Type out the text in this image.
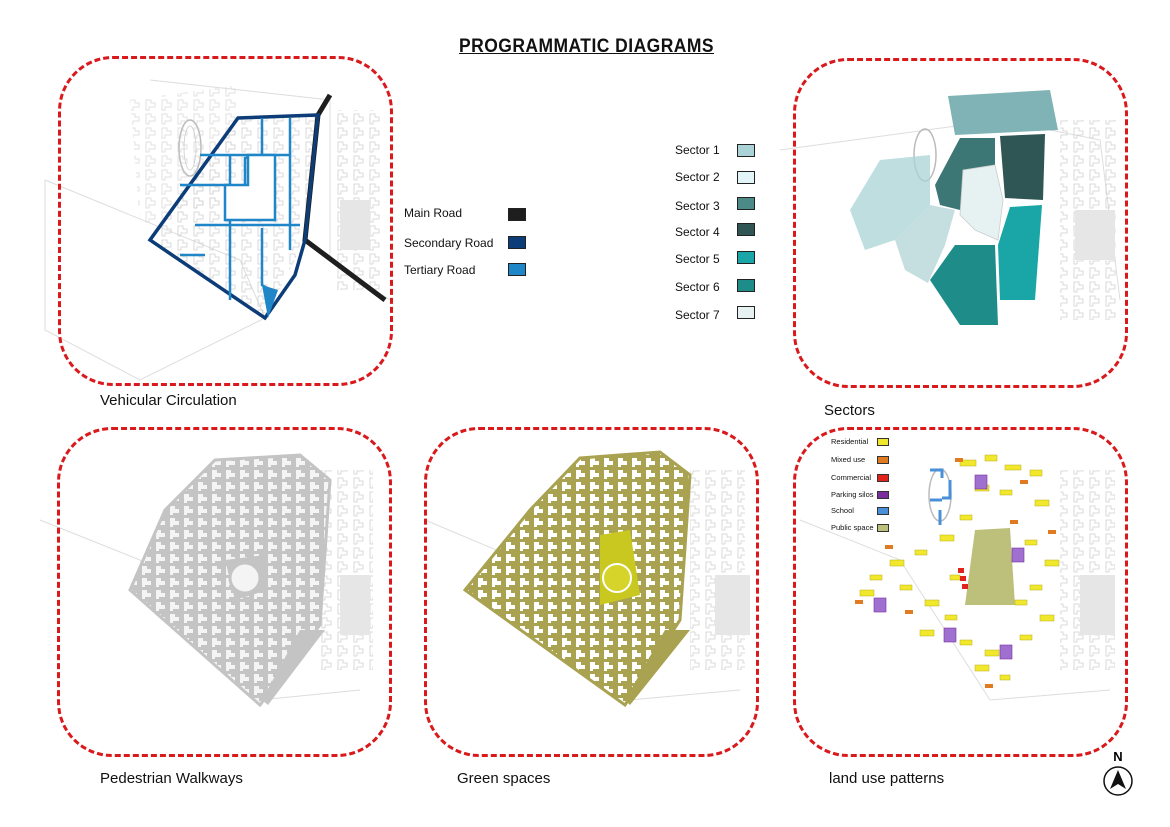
PROGRAMMATIC DIAGRAMS
Vehicular Circulation
Sectors
Pedestrian Walkways	Green spaces	land use patterns
Main Road
Secondary Road
Tertiary Road
Sector 1
Sector 2
Sector 3
Sector 4
Sector 5
Sector 6
Sector 7
Residential
Mixed use
Commercial
Parking silos
School
Public space
N
